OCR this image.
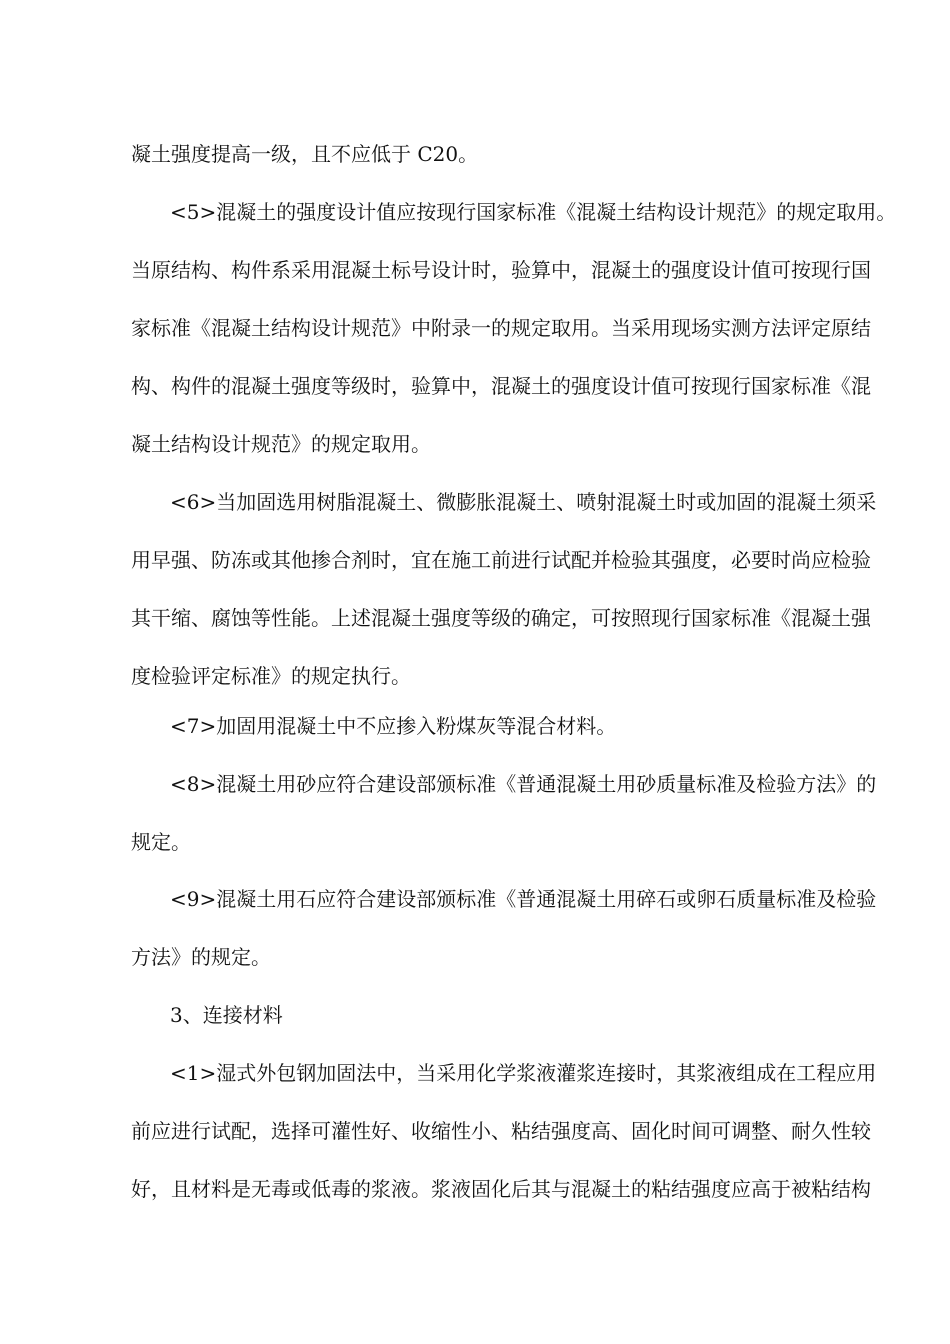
凝土强度提高一级，且不应低于 C20。
<5>混凝土的强度设计值应按现行国家标准《混凝土结构设计规范》的规定取用。
当原结构、构件系采用混凝土标号设计时，验算中，混凝土的强度设计值可按现行国
家标准《混凝土结构设计规范》中附录一的规定取用。当采用现场实测方法评定原结
构、构件的混凝土强度等级时，验算中，混凝土的强度设计值可按现行国家标准《混
凝土结构设计规范》的规定取用。
<6>当加固选用树脂混凝土、微膨胀混凝土、喷射混凝土时或加固的混凝土须采
用早强、防冻或其他掺合剂时，宜在施工前进行试配并检验其强度，必要时尚应检验
其干缩、腐蚀等性能。上述混凝土强度等级的确定，可按照现行国家标准《混凝土强
度检验评定标准》的规定执行。
<7>加固用混凝土中不应掺入粉煤灰等混合材料。
<8>混凝土用砂应符合建设部颁标准《普通混凝土用砂质量标准及检验方法》的
规定。
<9>混凝土用石应符合建设部颁标准《普通混凝土用碎石或卵石质量标准及检验
方法》的规定。
3、连接材料
<1>湿式外包钢加固法中，当采用化学浆液灌浆连接时，其浆液组成在工程应用
前应进行试配，选择可灌性好、收缩性小、粘结强度高、固化时间可调整、耐久性较
好，且材料是无毒或低毒的浆液。浆液固化后其与混凝土的粘结强度应高于被粘结构
